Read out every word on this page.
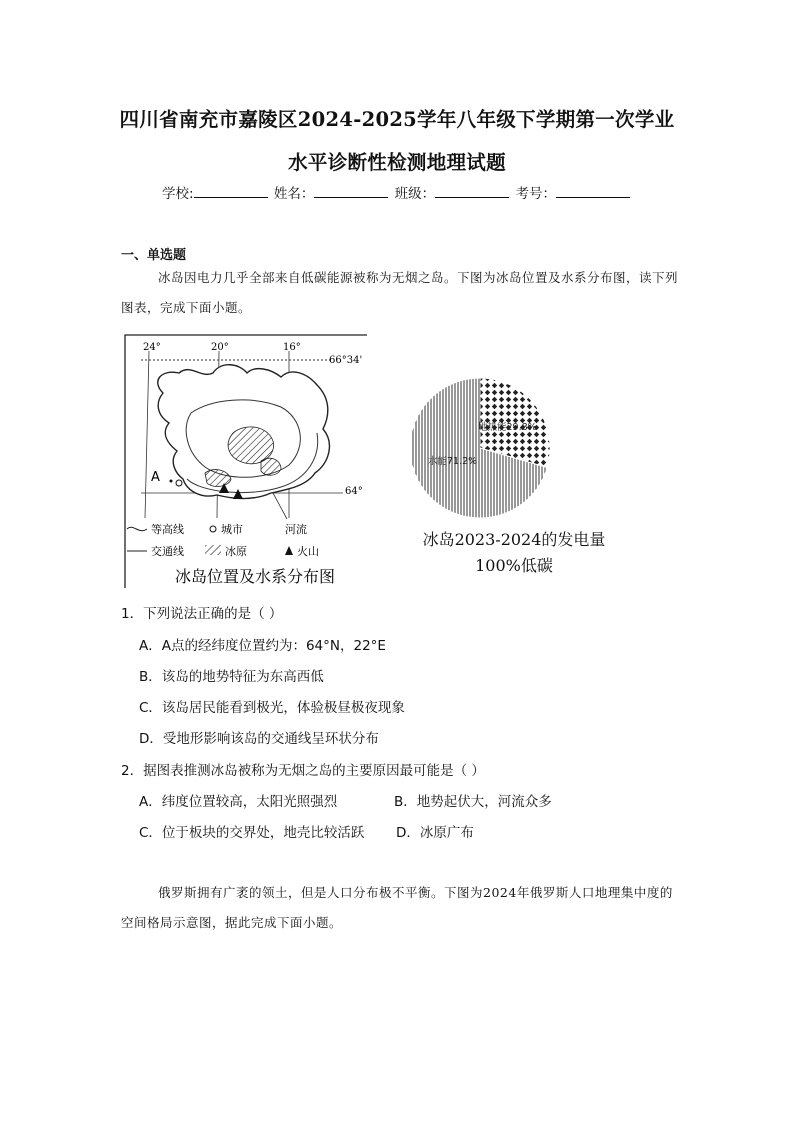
四川省南充市嘉陵区2024-2025学年八年级下学期第一次学业
水平诊断性检测地理试题
学校:	姓名：	班级：	考号：
一、单选题
冰岛因电力几乎全部来自低碳能源被称为无烟之岛。下图为冰岛位置及水系分布图，读下列图表，完成下面小题。
24°	20°	16°
66°34'
64°
A
等高线	城市	河流
交通线	冰原	火山
冰岛位置及水系分布图
地热能29.8%
水能71.2%
冰岛2023-2024的发电量
100%低碳
1．下列说法正确的是（ ）
A．A点的经纬度位置约为：64°N，22°E
B．该岛的地势特征为东高西低
C．该岛居民能看到极光，体验极昼极夜现象
D．受地形影响该岛的交通线呈环状分布
2．据图表推测冰岛被称为无烟之岛的主要原因最可能是（ ）
A．纬度位置较高，太阳光照强烈	B．地势起伏大，河流众多
C．位于板块的交界处，地壳比较活跃 D．冰原广布
俄罗斯拥有广袤的领土，但是人口分布极不平衡。下图为2024年俄罗斯人口地理集中度的空间格局示意图，据此完成下面小题。
